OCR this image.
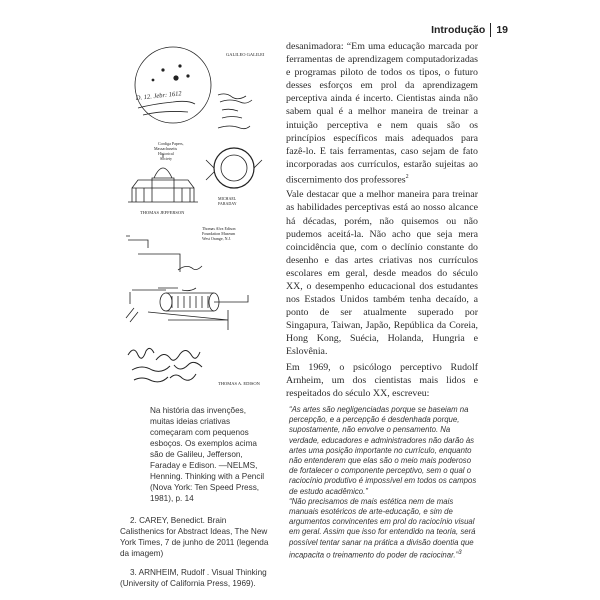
Introdução 19
D. 12. Jebr: 1612
GALILEO GALILEI
Cordiga Papers, Massachusetts Historical Society
THOMAS JEFFERSON
MICHAEL FARADAY
Thomas Alva Edison Foundation Museum West Orange, N.J.
Kruesi Hurhettu Edison
THOMAS A. EDISON
Na história das invenções, muitas ideias criativas começaram com pequenos esboços. Os exemplos acima são de Galileu, Jefferson, Faraday e Edison. —NELMS, Henning. Thinking with a Pencil (Nova York: Ten Speed Press, 1981), p. 14

2. CAREY, Benedict. Brain Calisthenics for Abstract Ideas, The New York Times, 7 de junho de 2011 (legenda da imagem)

3. ARNHEIM, Rudolf . Visual Thinking (University of California Press, 1969).

desanimadora: “Em uma educação marcada por ferramentas de aprendizagem computadorizadas e programas piloto de todos os tipos, o futuro desses esforços em prol da aprendizagem perceptiva ainda é incerto. Cientistas ainda não sabem qual é a melhor maneira de treinar a intuição perceptiva e nem quais são os princípios específicos mais adequados para fazê-lo. E tais ferramentas, caso sejam de fato incorporadas aos currículos, estarão sujeitas ao discernimento dos professores$^2$

Vale destacar que a melhor maneira para treinar as habilidades perceptivas está ao nosso alcance há décadas, porém, não quisemos ou não pudemos aceitá-la. Não acho que seja mera coincidência que, com o declínio constante do desenho e das artes criativas nos currículos escolares em geral, desde meados do século XX, o desempenho educacional dos estudantes nos Estados Unidos também tenha decaído, a ponto de ser atualmente superado por Singapura, Taiwan, Japão, República da Coreia, Hong Kong, Suécia, Holanda, Hungria e Eslovênia.

Em 1969, o psicólogo perceptivo Rudolf Arnheim, um dos cientistas mais lidos e respeitados do século XX, escreveu:

“As artes são negligenciadas porque se baseiam na percepção, e a percepção é desdenhada porque, supostamente, não envolve o pensamento. Na verdade, educadores e administradores não darão às artes uma posição importante no currículo, enquanto não entenderem que elas são o meio mais poderoso de fortalecer o componente perceptivo, sem o qual o raciocínio produtivo é impossível em todos os campos de estudo acadêmico.”

“Não precisamos de mais estética nem de mais manuais esotéricos de arte-educação, e sim de argumentos convincentes em prol do raciocínio visual em geral. Assim que isso for entendido na teoria, será possível tentar sanar na prática a divisão doentia que incapacita o treinamento do poder de raciocinar.”$^3$
